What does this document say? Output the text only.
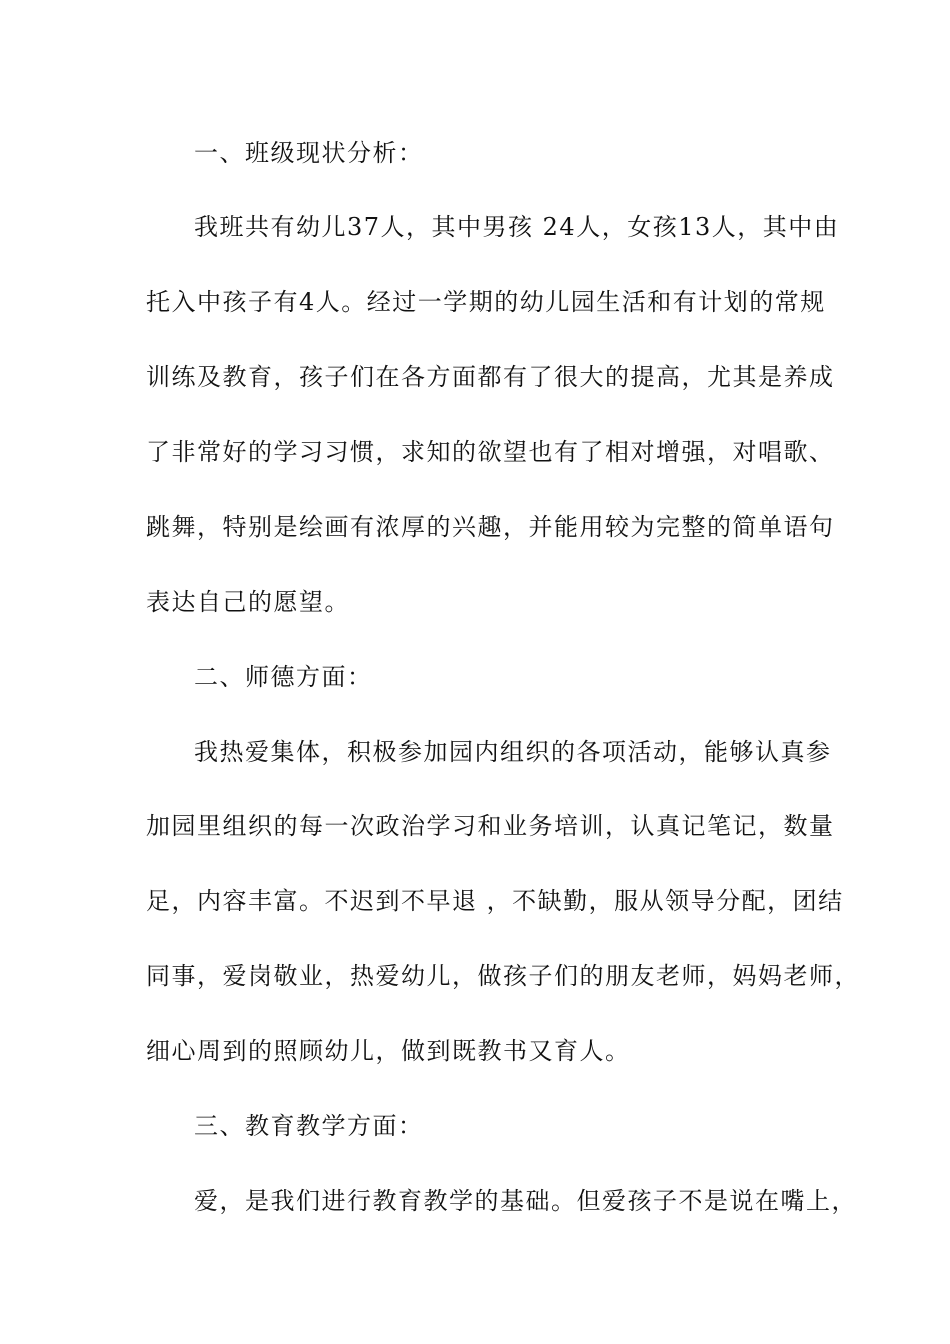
一、班级现状分析：
我班共有幼儿37人，其中男孩 24人，女孩13人，其中由
托入中孩子有4人。经过一学期的幼儿园生活和有计划的常规
训练及教育，孩子们在各方面都有了很大的提高，尤其是养成
了非常好的学习习惯，求知的欲望也有了相对增强，对唱歌、
跳舞，特别是绘画有浓厚的兴趣，并能用较为完整的简单语句
表达自己的愿望。
二、师德方面：
我热爱集体，积极参加园内组织的各项活动，能够认真参
加园里组织的每一次政治学习和业务培训，认真记笔记，数量
足，内容丰富。不迟到不早退 ，不缺勤，服从领导分配，团结
同事，爱岗敬业，热爱幼儿，做孩子们的朋友老师，妈妈老师，
细心周到的照顾幼儿，做到既教书又育人。
三、教育教学方面：
爱，是我们进行教育教学的基础。但爱孩子不是说在嘴上，
